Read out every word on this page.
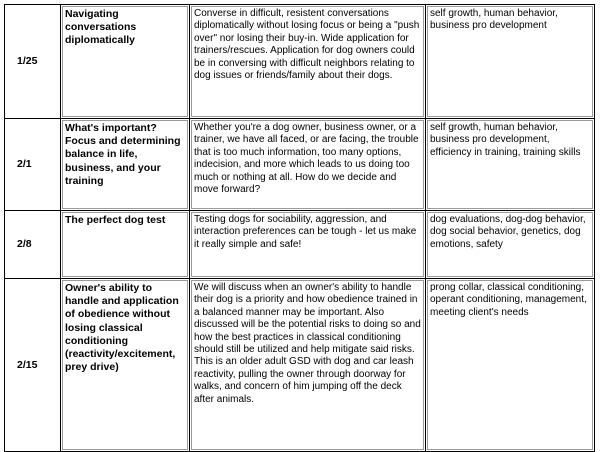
1/25	Navigating conversations diplomatically	Converse in difficult, resistent conversations diplomatically without losing focus or being a "push over" nor losing their buy-in. Wide application for trainers/rescues. Application for dog owners could be in conversing with difficult neighbors relating to dog issues or friends/family about their dogs.	self growth, human behavior, business pro development

2/1	What's important? Focus and determining balance in life, business, and your training	Whether you're a dog owner, business owner, or a trainer, we have all faced, or are facing, the trouble that is too much information, too many options, indecision, and more which leads to us doing too much or nothing at all. How do we decide and move forward?	self growth, human behavior, business pro development, efficiency in training, training skills

2/8	The perfect dog test	Testing dogs for sociability, aggression, and interaction preferences can be tough - let us make it really simple and safe!	dog evaluations, dog-dog behavior, dog social behavior, genetics, dog emotions, safety

2/15	Owner's ability to handle and application of obedience without losing classical conditioning (reactivity/excitement, prey drive)	We will discuss when an owner's ability to handle their dog is a priority and how obedience trained in a balanced manner may be important. Also discussed will be the potential risks to doing so and how the best practices in classical conditioning should still be utilized and help mitigate said risks. This is an older adult GSD with dog and car leash reactivity, pulling the owner through doorway for walks, and concern of him jumping off the deck after animals.	prong collar, classical conditioning, operant conditioning, management, meeting client's needs
